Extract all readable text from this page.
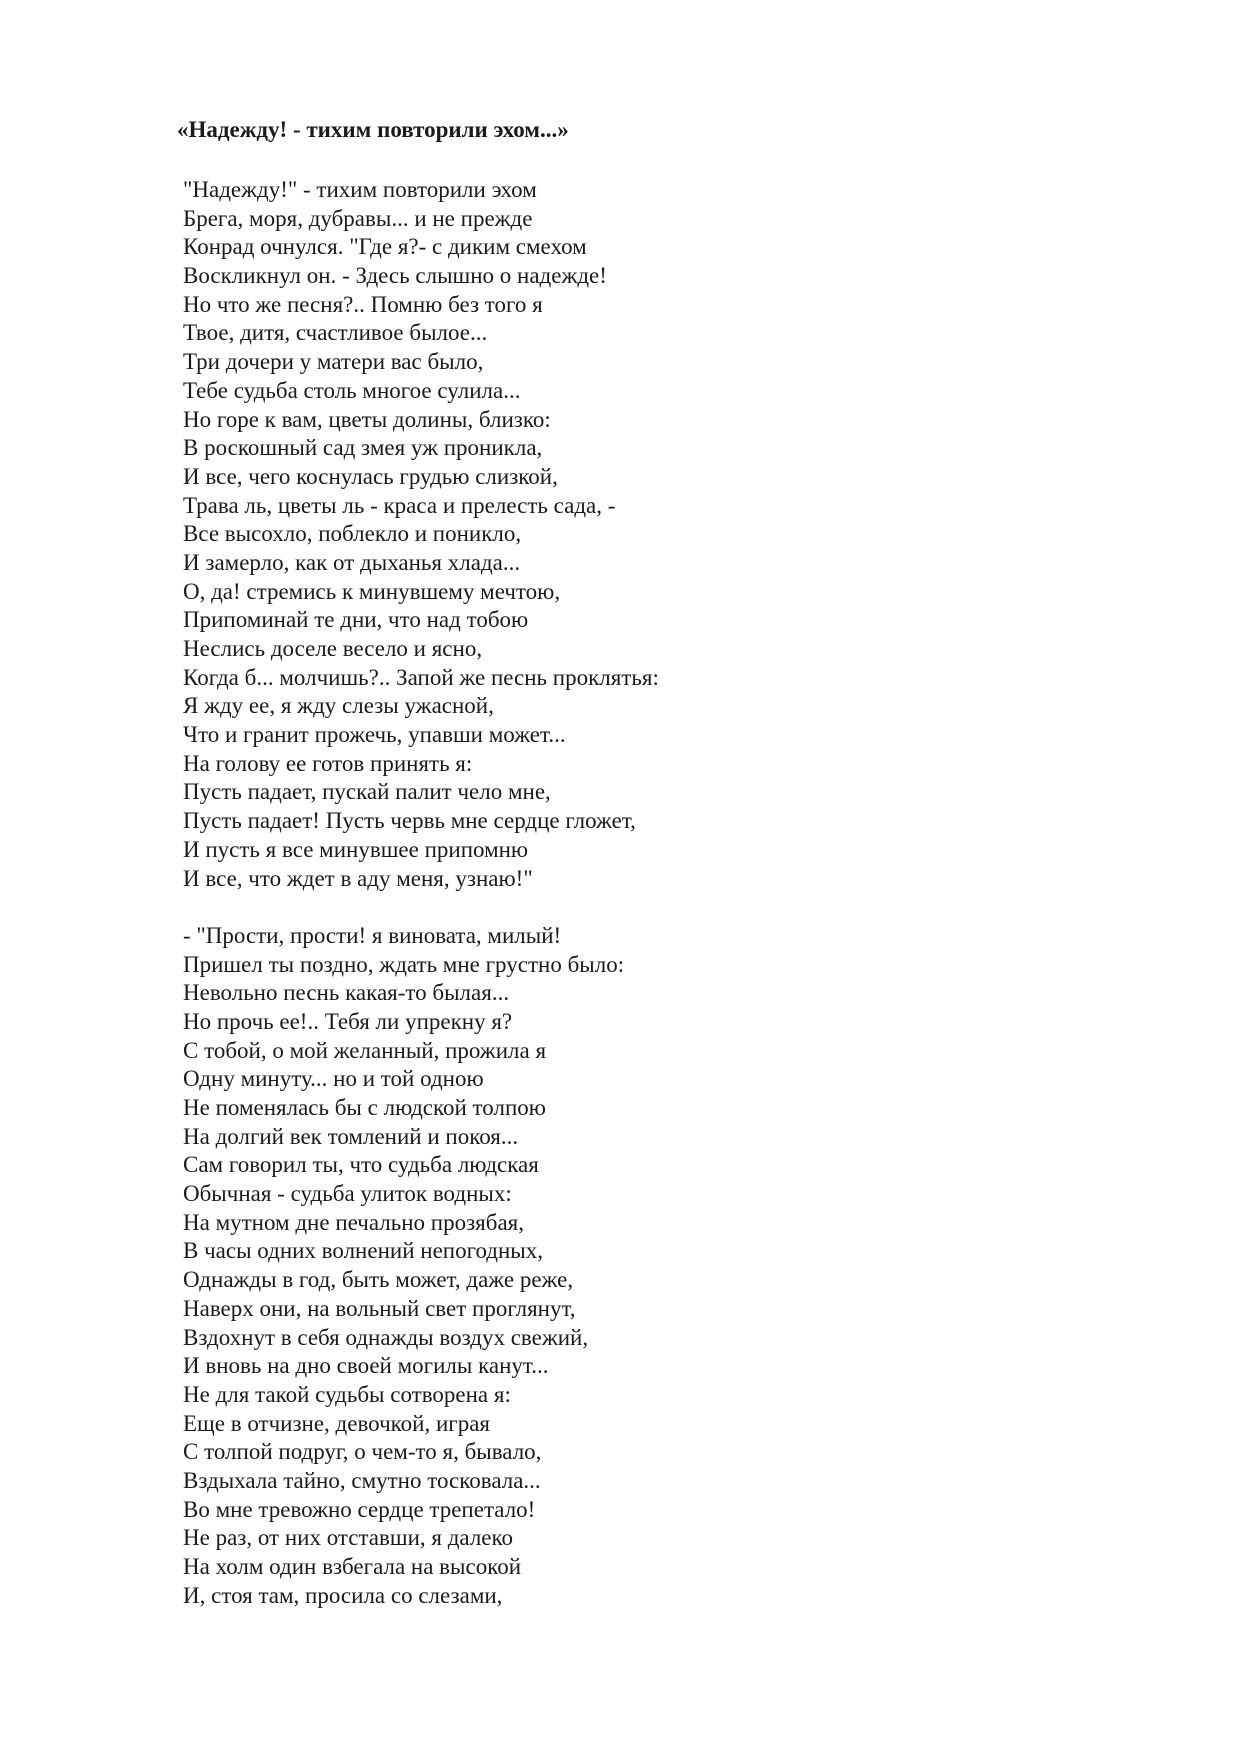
«Надежду! - тихим повторили эхом...»
"Надежду!" - тихим повторили эхом
Брега, моря, дубравы... и не прежде
Конрад очнулся. "Где я?- с диким смехом
Воскликнул он. - Здесь слышно о надежде!
Но что же песня?.. Помню без того я
Твое, дитя, счастливое былое...
Три дочери у матери вас было,
Тебе судьба столь многое сулила...
Но горе к вам, цветы долины, близко:
В роскошный сад змея уж проникла,
И все, чего коснулась грудью слизкой,
Трава ль, цветы ль - краса и прелесть сада, -
Все высохло, поблекло и поникло,
И замерло, как от дыханья хлада...
О, да! стремись к минувшему мечтою,
Припоминай те дни, что над тобою
Неслись доселе весело и ясно,
Когда б... молчишь?.. Запой же песнь проклятья:
Я жду ее, я жду слезы ужасной,
Что и гранит прожечь, упавши может...
На голову ее готов принять я:
Пусть падает, пускай палит чело мне,
Пусть падает! Пусть червь мне сердце гложет,
И пусть я все минувшее припомню
И все, что ждет в аду меня, узнаю!"
- "Прости, прости! я виновата, милый!
Пришел ты поздно, ждать мне грустно было:
Невольно песнь какая-то былая...
Но прочь ее!.. Тебя ли упрекну я?
С тобой, о мой желанный, прожила я
Одну минуту... но и той одною
Не поменялась бы с людской толпою
На долгий век томлений и покоя...
Сам говорил ты, что судьба людская
Обычная - судьба улиток водных:
На мутном дне печально прозябая,
В часы одних волнений непогодных,
Однажды в год, быть может, даже реже,
Наверх они, на вольный свет проглянут,
Вздохнут в себя однажды воздух свежий,
И вновь на дно своей могилы канут...
Не для такой судьбы сотворена я:
Еще в отчизне, девочкой, играя
С толпой подруг, о чем-то я, бывало,
Вздыхала тайно, смутно тосковала...
Во мне тревожно сердце трепетало!
Не раз, от них отставши, я далеко
На холм один взбегала на высокой
И, стоя там, просила со слезами,
